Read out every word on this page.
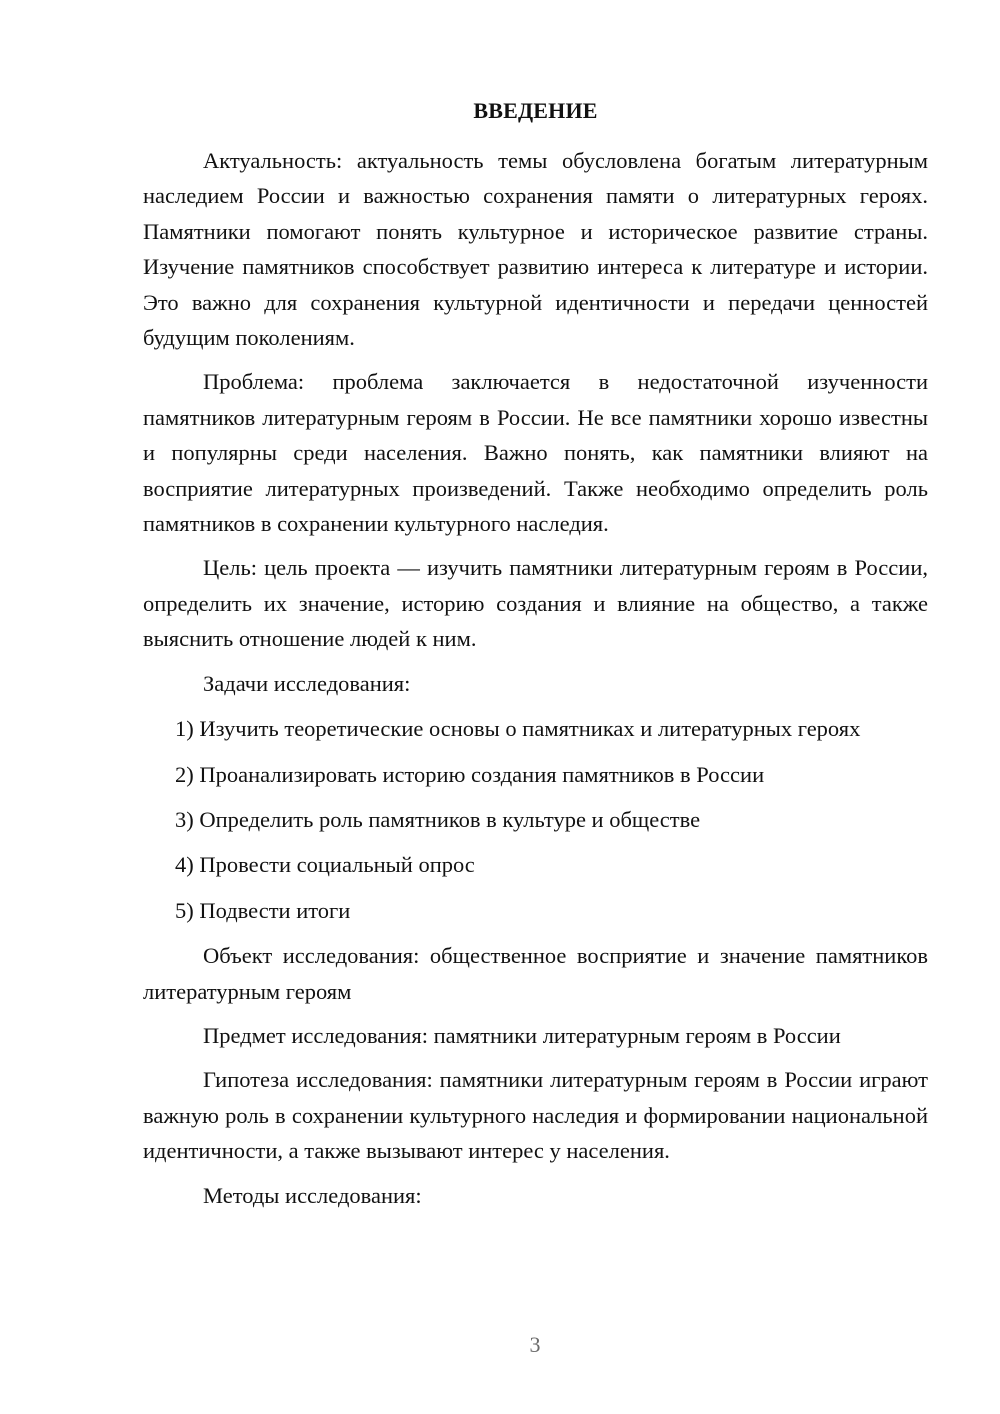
ВВЕДЕНИЕ

Актуальность: актуальность темы обусловлена богатым литературным наследием России и важностью сохранения памяти о литературных героях. Памятники помогают понять культурное и историческое развитие страны. Изучение памятников способствует развитию интереса к литературе и истории. Это важно для сохранения культурной идентичности и передачи ценностей будущим поколениям.

Проблема: проблема заключается в недостаточной изученности памятников литературным героям в России. Не все памятники хорошо известны и популярны среди населения. Важно понять, как памятники влияют на восприятие литературных произведений. Также необходимо определить роль памятников в сохранении культурного наследия.

Цель: цель проекта — изучить памятники литературным героям в России, определить их значение, историю создания и влияние на общество, а также выяснить отношение людей к ним.

Задачи исследования:

1) Изучить теоретические основы о памятниках и литературных героях

2) Проанализировать историю создания памятников в России

3) Определить роль памятников в культуре и обществе

4) Провести социальный опрос

5) Подвести итоги

Объект исследования: общественное восприятие и значение памятников литературным героям

Предмет исследования: памятники литературным героям в России

Гипотеза исследования: памятники литературным героям в России играют важную роль в сохранении культурного наследия и формировании национальной идентичности, а также вызывают интерес у населения.

Методы исследования:

3
